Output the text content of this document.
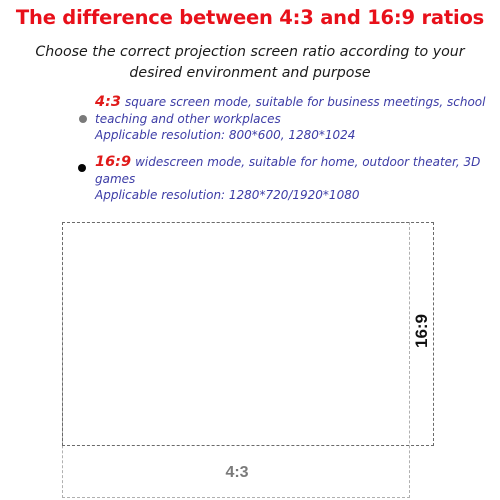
The difference between 4:3 and 16:9 ratios
Choose the correct projection screen ratio according to your desired environment and purpose
4:3 square screen mode, suitable for business meetings, school teaching and other workplaces
Applicable resolution: 800*600, 1280*1024
16:9 widescreen mode, suitable for home, outdoor theater, 3D games
Applicable resolution: 1280*720/1920*1080
16:9
4:3
